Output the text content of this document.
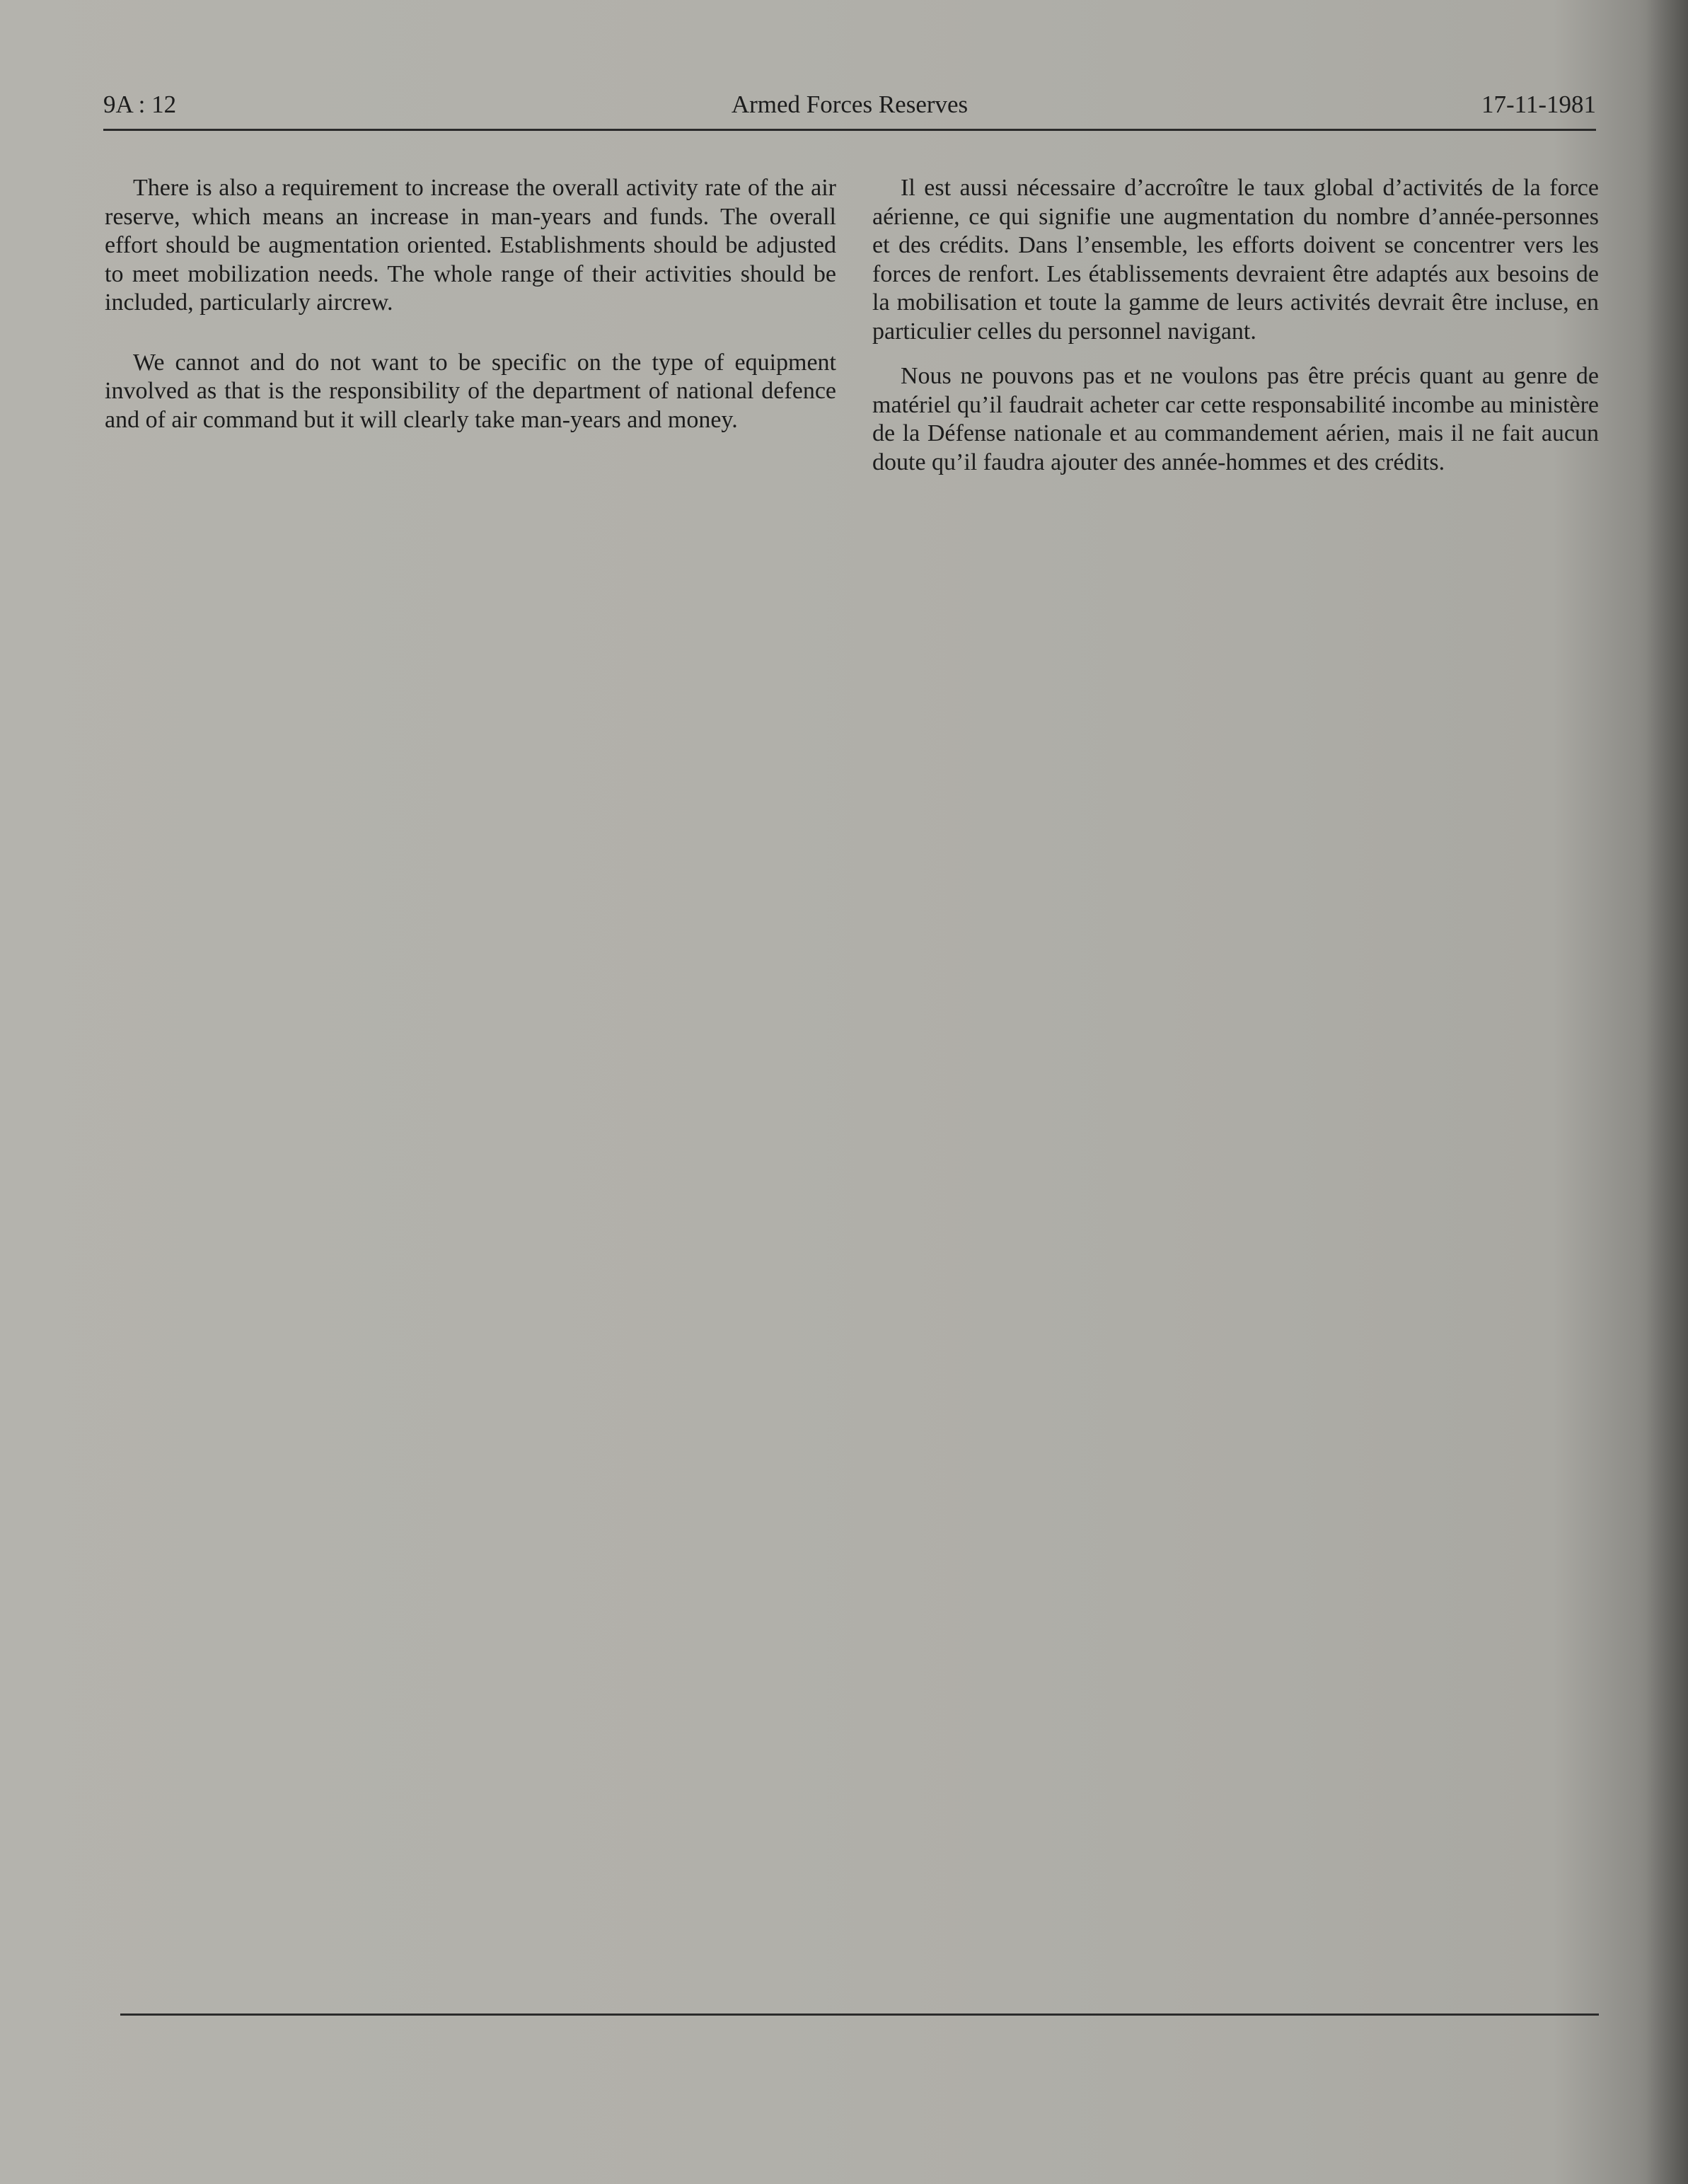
9A : 12	Armed Forces Reserves	17-11-1981

There is also a requirement to increase the overall activity rate of the air reserve, which means an increase in man-years and funds. The overall effort should be augmentation oriented. Establishments should be adjusted to meet mobilization needs. The whole range of their activities should be included, particularly aircrew.

We cannot and do not want to be specific on the type of equipment involved as that is the responsibility of the department of national defence and of air command but it will clearly take man-years and money.

Il est aussi nécessaire d’accroître le taux global d’activités de la force aérienne, ce qui signifie une augmentation du nombre d’année-personnes et des crédits. Dans l’ensemble, les efforts doivent se concentrer vers les forces de renfort. Les établissements devraient être adaptés aux besoins de la mobilisation et toute la gamme de leurs activités devrait être incluse, en particulier celles du personnel navigant.

Nous ne pouvons pas et ne voulons pas être précis quant au genre de matériel qu’il faudrait acheter car cette responsabilité incombe au ministère de la Défense nationale et au commandement aérien, mais il ne fait aucun doute qu’il faudra ajouter des année-hommes et des crédits.
